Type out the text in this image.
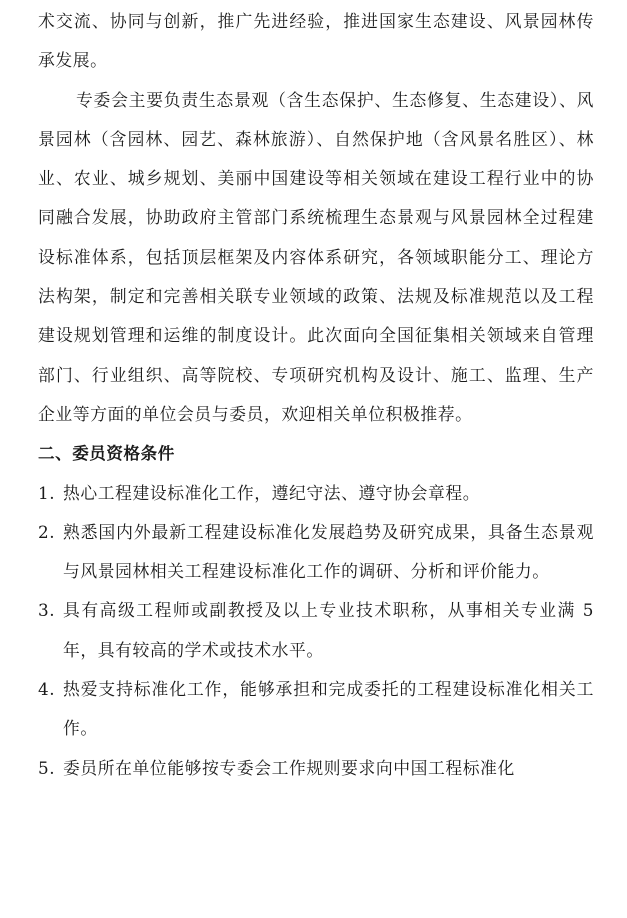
术交流、协同与创新，推广先进经验，推进国家生态建设、风景园林传承发展。

专委会主要负责生态景观（含生态保护、生态修复、生态建设）、风景园林（含园林、园艺、森林旅游）、自然保护地（含风景名胜区）、林业、农业、城乡规划、美丽中国建设等相关领域在建设工程行业中的协同融合发展，协助政府主管部门系统梳理生态景观与风景园林全过程建设标准体系，包括顶层框架及内容体系研究，各领域职能分工、理论方法构架，制定和完善相关联专业领域的政策、法规及标准规范以及工程建设规划管理和运维的制度设计。此次面向全国征集相关领域来自管理部门、行业组织、高等院校、专项研究机构及设计、施工、监理、生产企业等方面的单位会员与委员，欢迎相关单位积极推荐。

二、委员资格条件

1. 热心工程建设标准化工作，遵纪守法、遵守协会章程。

2. 熟悉国内外最新工程建设标准化发展趋势及研究成果，具备生态景观与风景园林相关工程建设标准化工作的调研、分析和评价能力。

3. 具有高级工程师或副教授及以上专业技术职称，从事相关专业满 5 年，具有较高的学术或技术水平。

4. 热爱支持标准化工作，能够承担和完成委托的工程建设标准化相关工作。

5. 委员所在单位能够按专委会工作规则要求向中国工程标准化
